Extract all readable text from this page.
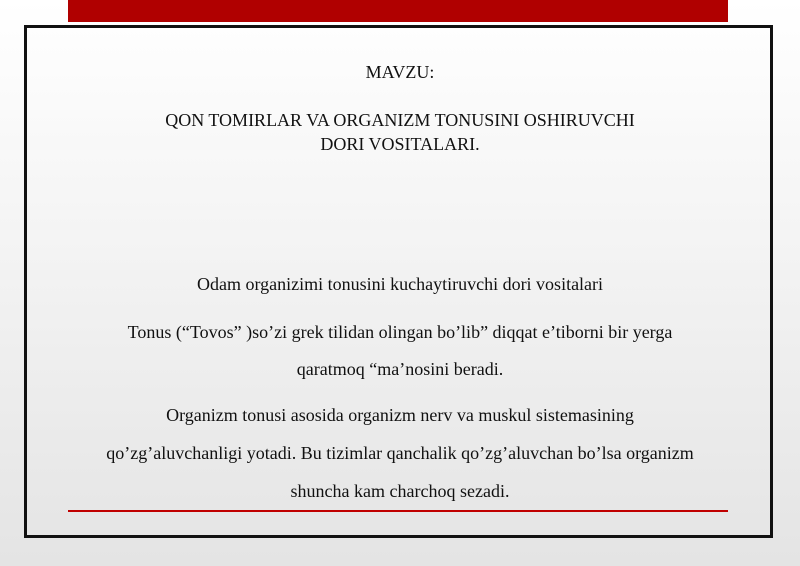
MAVZU:
QON TOMIRLAR VA ORGANIZM TONUSINI OSHIRUVCHI
DORI VOSITALARI.
Odam organizimi tonusini kuchaytiruvchi dori vositalari
Tonus (“Tovos” )so’zi grek tilidan olingan bo’lib” diqqat e’tiborni bir yerga
qaratmoq “ma’nosini beradi.
Organizm tonusi asosida organizm nerv va muskul sistemasining
qo’zg’aluvchanligi yotadi. Bu tizimlar qanchalik qo’zg’aluvchan bo’lsa organizm
shuncha kam charchoq sezadi.
